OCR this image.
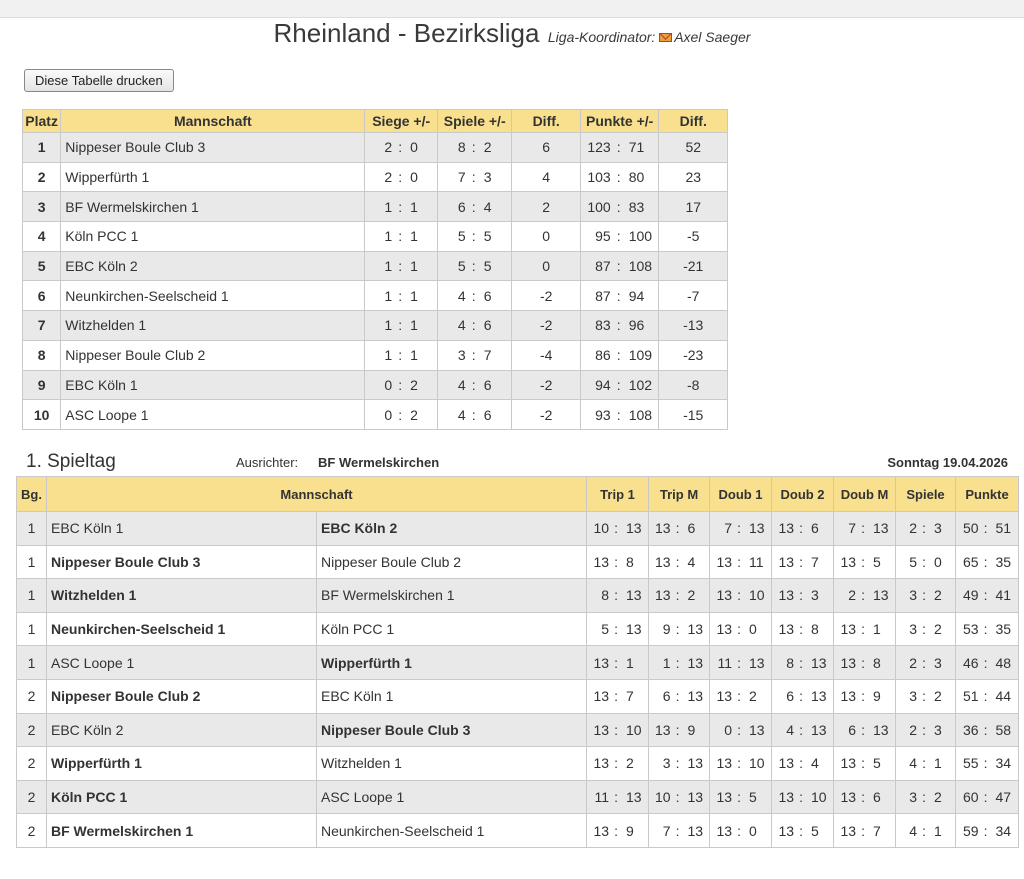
Rheinland - Bezirksliga Liga-Koordinator: Axel Saeger
Diese Tabelle drucken
Platz	Mannschaft	Siege +/-	Spiele +/-	Diff.	Punkte +/-	Diff.
1	Nippeser Boule Club 3	2 : 0	8 : 2	6	123 : 71	52
2	Wipperfürth 1	2 : 0	7 : 3	4	103 : 80	23
3	BF Wermelskirchen 1	1 : 1	6 : 4	2	100 : 83	17
4	Köln PCC 1	1 : 1	5 : 5	0	95 : 100	-5
5	EBC Köln 2	1 : 1	5 : 5	0	87 : 108	-21
6	Neunkirchen-Seelscheid 1	1 : 1	4 : 6	-2	87 : 94	-7
7	Witzhelden 1	1 : 1	4 : 6	-2	83 : 96	-13
8	Nippeser Boule Club 2	1 : 1	3 : 7	-4	86 : 109	-23
9	EBC Köln 1	0 : 2	4 : 6	-2	94 : 102	-8
10	ASC Loope 1	0 : 2	4 : 6	-2	93 : 108	-15
1. Spieltag	Ausrichter: BF Wermelskirchen	Sonntag 19.04.2026
Bg.	Mannschaft		Trip 1	Trip M	Doub 1	Doub 2	Doub M	Spiele	Punkte
1	EBC Köln 1	EBC Köln 2	10 : 13	13 : 6	7 : 13	13 : 6	7 : 13	2 : 3	50 : 51

1	Nippeser Boule Club 3	Nippeser Boule Club 2	13 : 8	13 : 4	13 : 11	13 : 7	13 : 5	5 : 0	65 : 35

1	Witzhelden 1	BF Wermelskirchen 1	8 : 13	13 : 2	13 : 10	13 : 3	2 : 13	3 : 2	49 : 41

1	Neunkirchen-Seelscheid 1	Köln PCC 1	5 : 13	9 : 13	13 : 0	13 : 8	13 : 1	3 : 2	53 : 35

1	ASC Loope 1	Wipperfürth 1	13 : 1	1 : 13	11 : 13	8 : 13	13 : 8	2 : 3	46 : 48

2	Nippeser Boule Club 2	EBC Köln 1	13 : 7	6 : 13	13 : 2	6 : 13	13 : 9	3 : 2	51 : 44

2	EBC Köln 2	Nippeser Boule Club 3	13 : 10	13 : 9	0 : 13	4 : 13	6 : 13	2 : 3	36 : 58

2	Wipperfürth 1	Witzhelden 1	13 : 2	3 : 13	13 : 10	13 : 4	13 : 5	4 : 1	55 : 34

2	Köln PCC 1	ASC Loope 1	11 : 13	10 : 13	13 : 5	13 : 10	13 : 6	3 : 2	60 : 47

2	BF Wermelskirchen 1	Neunkirchen-Seelscheid 1	13 : 9	7 : 13	13 : 0	13 : 5	13 : 7	4 : 1	59 : 34
